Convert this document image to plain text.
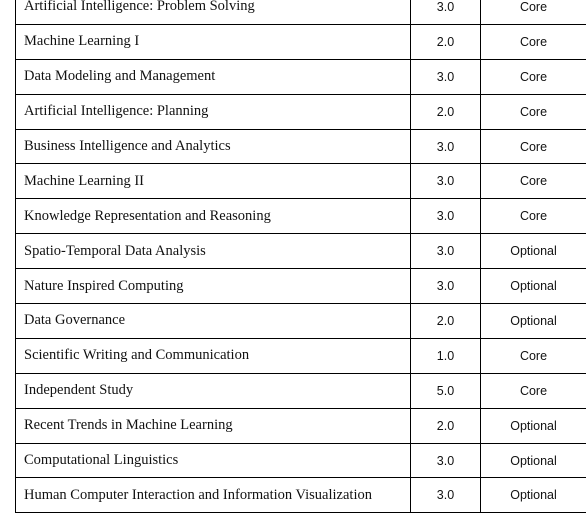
Artificial Intelligence: Problem Solving	3.0	Core
Machine Learning I	2.0	Core
Data Modeling and Management	3.0	Core
Artificial Intelligence: Planning	2.0	Core
Business Intelligence and Analytics	3.0	Core
Machine Learning II	3.0	Core
Knowledge Representation and Reasoning	3.0	Core
Spatio-Temporal Data Analysis	3.0	Optional
Nature Inspired Computing	3.0	Optional
Data Governance	2.0	Optional
Scientific Writing and Communication	1.0	Core
Independent Study	5.0	Core
Recent Trends in Machine Learning	2.0	Optional
Computational Linguistics	3.0	Optional
Human Computer Interaction and Information Visualization	3.0	Optional
